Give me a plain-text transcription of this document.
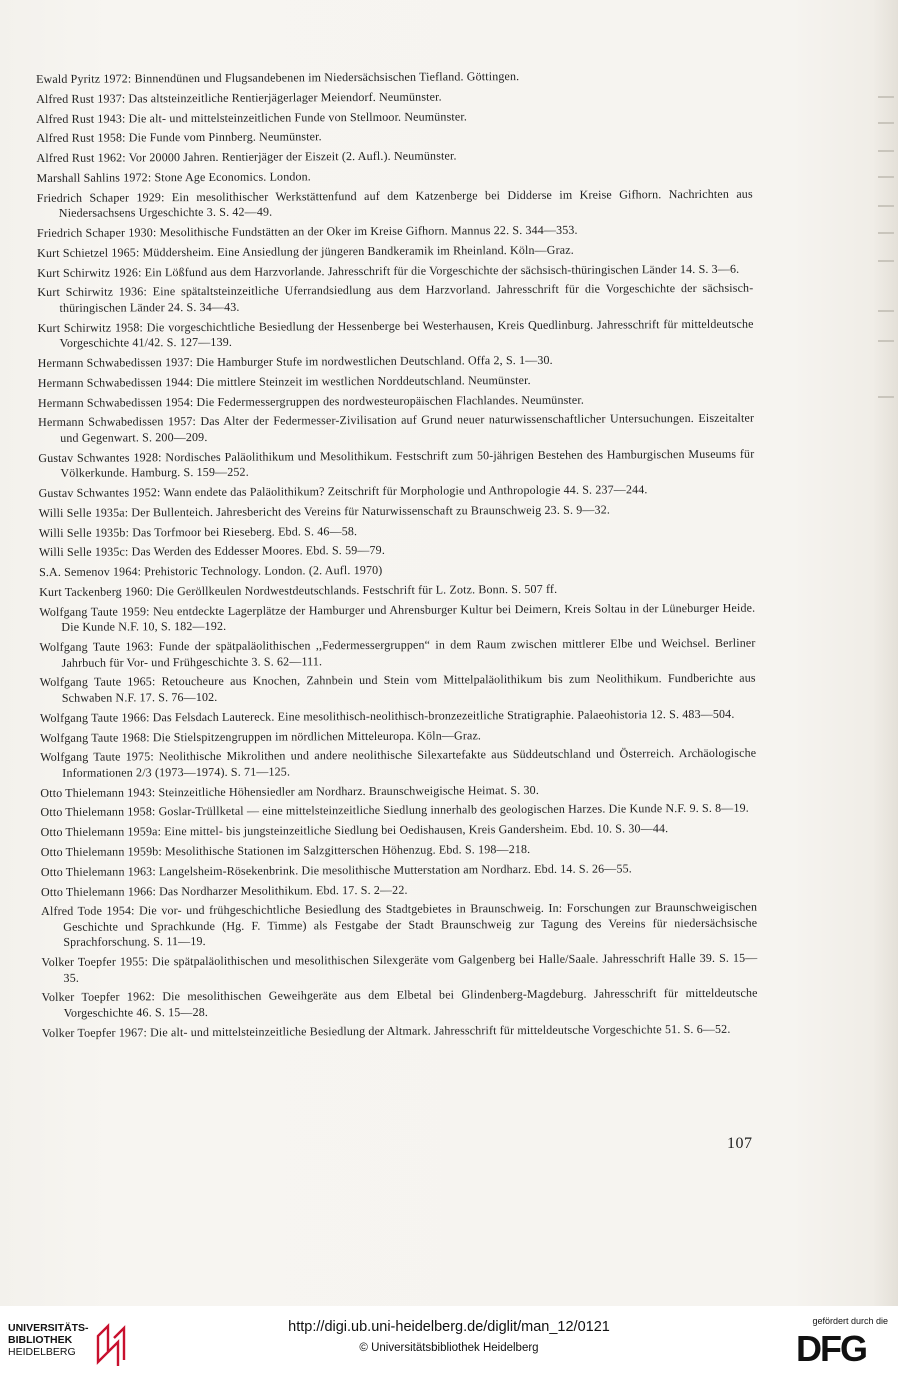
Ewald Pyritz 1972: Binnendünen und Flugsandebenen im Niedersächsischen Tiefland. Göttingen.

Alfred Rust 1937: Das altsteinzeitliche Rentierjägerlager Meiendorf. Neumünster.

Alfred Rust 1943: Die alt- und mittelsteinzeitlichen Funde von Stellmoor. Neumünster.

Alfred Rust 1958: Die Funde vom Pinnberg. Neumünster.

Alfred Rust 1962: Vor 20000 Jahren. Rentierjäger der Eiszeit (2. Aufl.). Neumünster.

Marshall Sahlins 1972: Stone Age Economics. London.

Friedrich Schaper 1929: Ein mesolithischer Werkstättenfund auf dem Katzenberge bei Didderse im Kreise Gifhorn. Nachrichten aus Niedersachsens Urgeschichte 3. S. 42—49.

Friedrich Schaper 1930: Mesolithische Fundstätten an der Oker im Kreise Gifhorn. Mannus 22. S. 344—353.

Kurt Schietzel 1965: Müddersheim. Eine Ansiedlung der jüngeren Bandkeramik im Rheinland. Köln—Graz.

Kurt Schirwitz 1926: Ein Lößfund aus dem Harzvorlande. Jahresschrift für die Vorgeschichte der sächsisch-thüringischen Länder 14. S. 3—6.

Kurt Schirwitz 1936: Eine spätaltsteinzeitliche Uferrandsiedlung aus dem Harzvorland. Jahresschrift für die Vorgeschichte der sächsisch-thüringischen Länder 24. S. 34—43.

Kurt Schirwitz 1958: Die vorgeschichtliche Besiedlung der Hessenberge bei Westerhausen, Kreis Quedlinburg. Jahresschrift für mitteldeutsche Vorgeschichte 41/42. S. 127—139.

Hermann Schwabedissen 1937: Die Hamburger Stufe im nordwestlichen Deutschland. Offa 2, S. 1—30.

Hermann Schwabedissen 1944: Die mittlere Steinzeit im westlichen Norddeutschland. Neumünster.

Hermann Schwabedissen 1954: Die Federmessergruppen des nordwesteuropäischen Flachlandes. Neumünster.

Hermann Schwabedissen 1957: Das Alter der Federmesser-Zivilisation auf Grund neuer naturwissenschaftlicher Untersuchungen. Eiszeitalter und Gegenwart. S. 200—209.

Gustav Schwantes 1928: Nordisches Paläolithikum und Mesolithikum. Festschrift zum 50-jährigen Bestehen des Hamburgischen Museums für Völkerkunde. Hamburg. S. 159—252.

Gustav Schwantes 1952: Wann endete das Paläolithikum? Zeitschrift für Morphologie und Anthropologie 44. S. 237—244.

Willi Selle 1935a: Der Bullenteich. Jahresbericht des Vereins für Naturwissenschaft zu Braunschweig 23. S. 9—32.

Willi Selle 1935b: Das Torfmoor bei Rieseberg. Ebd. S. 46—58.

Willi Selle 1935c: Das Werden des Eddesser Moores. Ebd. S. 59—79.

S.A. Semenov 1964: Prehistoric Technology. London. (2. Aufl. 1970)

Kurt Tackenberg 1960: Die Geröllkeulen Nordwestdeutschlands. Festschrift für L. Zotz. Bonn. S. 507 ff.

Wolfgang Taute 1959: Neu entdeckte Lagerplätze der Hamburger und Ahrensburger Kultur bei Deimern, Kreis Soltau in der Lüneburger Heide. Die Kunde N.F. 10, S. 182—192.

Wolfgang Taute 1963: Funde der spätpaläolithischen ,,Federmessergruppen“ in dem Raum zwischen mittlerer Elbe und Weichsel. Berliner Jahrbuch für Vor- und Frühgeschichte 3. S. 62—111.

Wolfgang Taute 1965: Retoucheure aus Knochen, Zahnbein und Stein vom Mittelpaläolithikum bis zum Neolithikum. Fundberichte aus Schwaben N.F. 17. S. 76—102.

Wolfgang Taute 1966: Das Felsdach Lautereck. Eine mesolithisch-neolithisch-bronzezeitliche Stratigraphie. Palaeohistoria 12. S. 483—504.

Wolfgang Taute 1968: Die Stielspitzengruppen im nördlichen Mitteleuropa. Köln—Graz.

Wolfgang Taute 1975: Neolithische Mikrolithen und andere neolithische Silexartefakte aus Süddeutschland und Österreich. Archäologische Informationen 2/3 (1973—1974). S. 71—125.

Otto Thielemann 1943: Steinzeitliche Höhensiedler am Nordharz. Braunschweigische Heimat. S. 30.

Otto Thielemann 1958: Goslar-Trüllketal — eine mittelsteinzeitliche Siedlung innerhalb des geologischen Harzes. Die Kunde N.F. 9. S. 8—19.

Otto Thielemann 1959a: Eine mittel- bis jungsteinzeitliche Siedlung bei Oedishausen, Kreis Gandersheim. Ebd. 10. S. 30—44.

Otto Thielemann 1959b: Mesolithische Stationen im Salzgitterschen Höhenzug. Ebd. S. 198—218.

Otto Thielemann 1963: Langelsheim-Rösekenbrink. Die mesolithische Mutterstation am Nordharz. Ebd. 14. S. 26—55.

Otto Thielemann 1966: Das Nordharzer Mesolithikum. Ebd. 17. S. 2—22.

Alfred Tode 1954: Die vor- und frühgeschichtliche Besiedlung des Stadtgebietes in Braunschweig. In: Forschungen zur Braunschweigischen Geschichte und Sprachkunde (Hg. F. Timme) als Festgabe der Stadt Braunschweig zur Tagung des Vereins für niedersächsische Sprachforschung. S. 11—19.

Volker Toepfer 1955: Die spätpaläolithischen und mesolithischen Silexgeräte vom Galgenberg bei Halle/Saale. Jahresschrift Halle 39. S. 15—35.

Volker Toepfer 1962: Die mesolithischen Geweihgeräte aus dem Elbetal bei Glindenberg-Magdeburg. Jahresschrift für mitteldeutsche Vorgeschichte 46. S. 15—28.

Volker Toepfer 1967: Die alt- und mittelsteinzeitliche Besiedlung der Altmark. Jahresschrift für mitteldeutsche Vorgeschichte 51. S. 6—52.

107
UNIVERSITÄTS-
BIBLIOTHEK
HEIDELBERG
http://digi.ub.uni-heidelberg.de/diglit/man_12/0121
© Universitätsbibliothek Heidelberg
gefördert durch die
DFG
